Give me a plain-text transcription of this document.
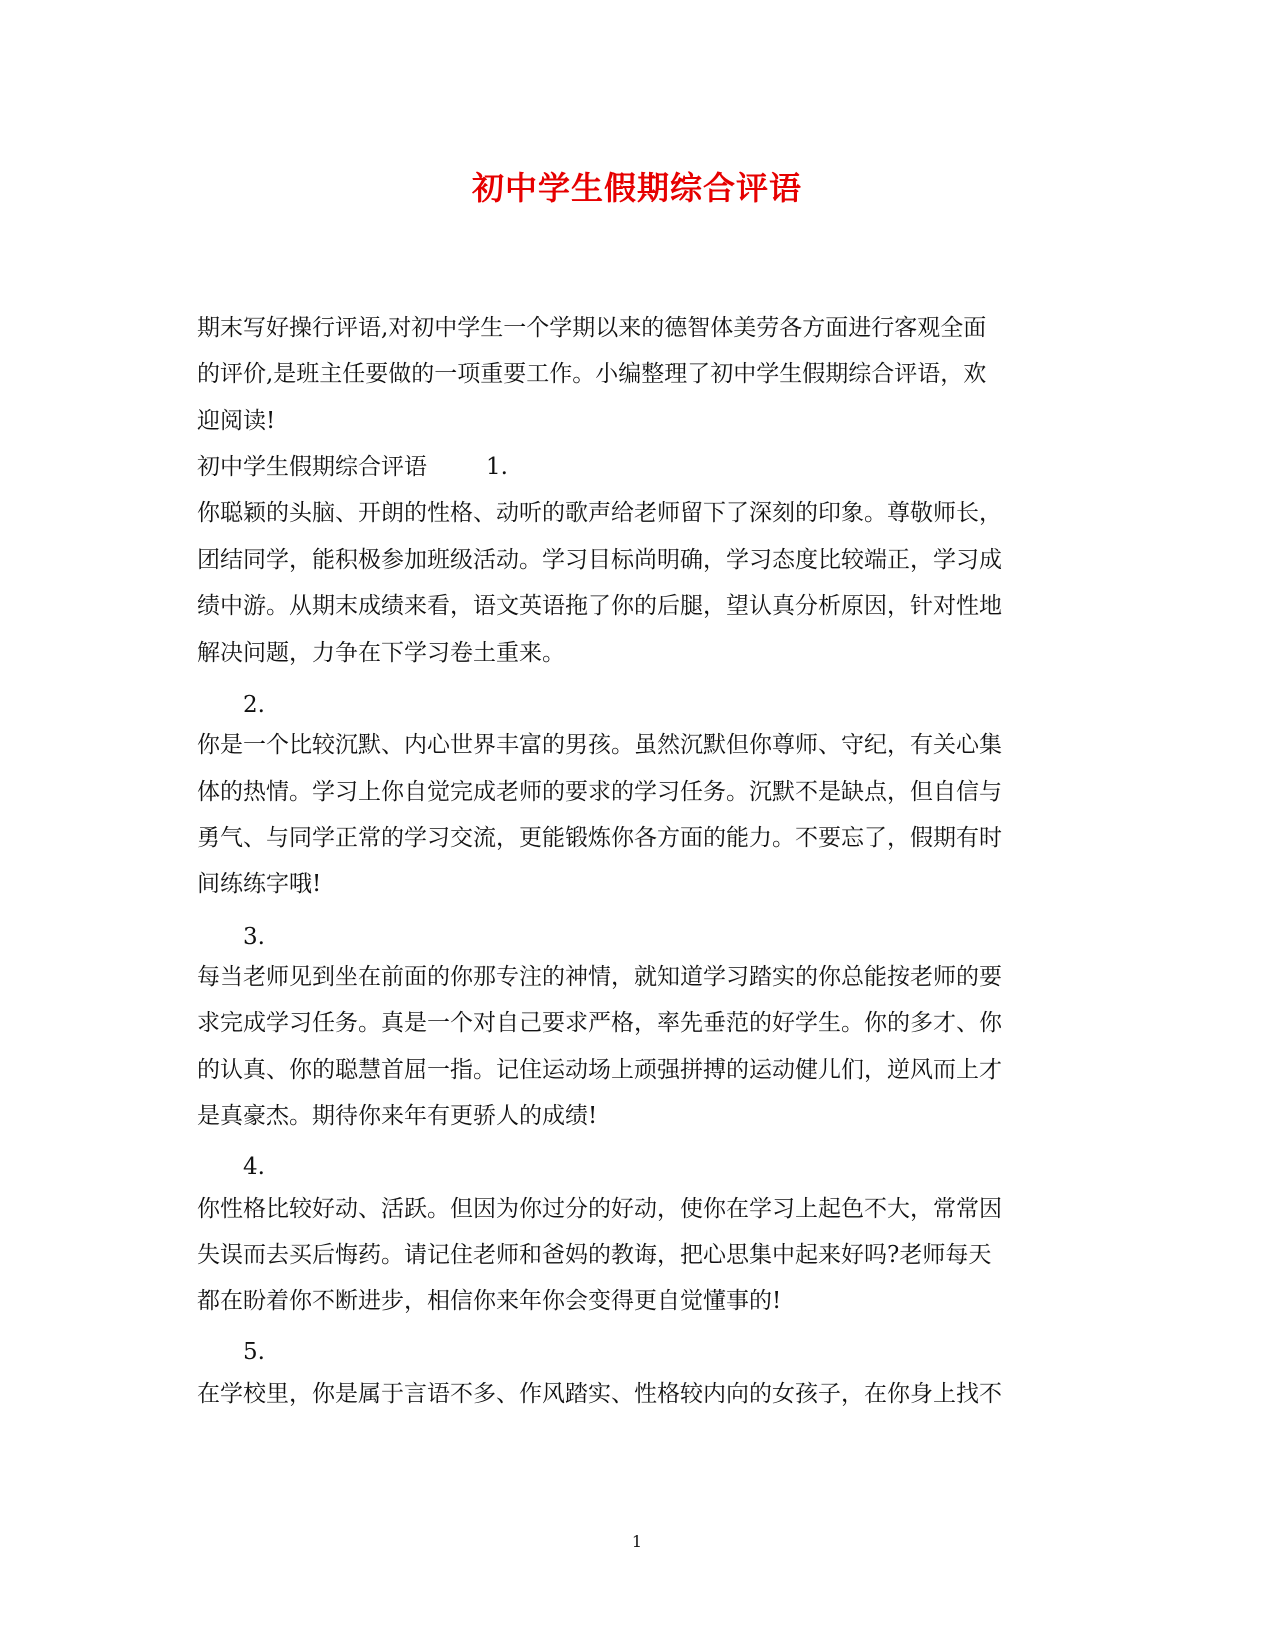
初中学生假期综合评语

期末写好操行评语,对初中学生一个学期以来的德智体美劳各方面进行客观全面

的评价,是班主任要做的一项重要工作。小编整理了初中学生假期综合评语，欢

迎阅读!

初中学生假期综合评语	1.

你聪颖的头脑、开朗的性格、动听的歌声给老师留下了深刻的印象。尊敬师长，

团结同学，能积极参加班级活动。学习目标尚明确，学习态度比较端正，学习成

绩中游。从期末成绩来看，语文英语拖了你的后腿，望认真分析原因，针对性地

解决问题，力争在下学习卷土重来。

2.

你是一个比较沉默、内心世界丰富的男孩。虽然沉默但你尊师、守纪，有关心集

体的热情。学习上你自觉完成老师的要求的学习任务。沉默不是缺点，但自信与

勇气、与同学正常的学习交流，更能锻炼你各方面的能力。不要忘了，假期有时

间练练字哦!

3.

每当老师见到坐在前面的你那专注的神情，就知道学习踏实的你总能按老师的要

求完成学习任务。真是一个对自己要求严格，率先垂范的好学生。你的多才、你

的认真、你的聪慧首屈一指。记住运动场上顽强拼搏的运动健儿们，逆风而上才

是真豪杰。期待你来年有更骄人的成绩!

4.

你性格比较好动、活跃。但因为你过分的好动，使你在学习上起色不大，常常因

失误而去买后悔药。请记住老师和爸妈的教诲，把心思集中起来好吗?老师每天

都在盼着你不断进步，相信你来年你会变得更自觉懂事的!

5.

在学校里，你是属于言语不多、作风踏实、性格较内向的女孩子，在你身上找不

1
